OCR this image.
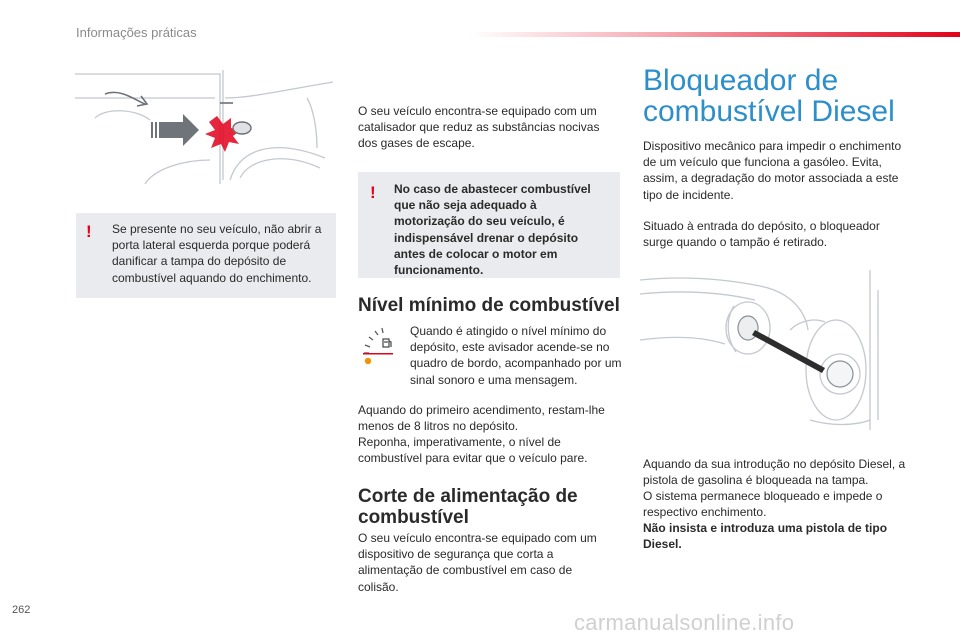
Informações práticas
! Se presente no seu veículo, não abrir a porta lateral esquerda porque poderá danificar a tampa do depósito de combustível aquando do enchimento.
O seu veículo encontra-se equipado com um catalisador que reduz as substâncias nocivas dos gases de escape.
! No caso de abastecer combustível que não seja adequado à motorização do seu veículo, é indispensável drenar o depósito antes de colocar o motor em funcionamento.
Nível mínimo de combustível
Quando é atingido o nível mínimo do depósito, este avisador acende-se no quadro de bordo, acompanhado por um sinal sonoro e uma mensagem.
Aquando do primeiro acendimento, restam-lhe menos de 8 litros no depósito.
Reponha, imperativamente, o nível de combustível para evitar que o veículo pare.
Corte de alimentação de
combustível
O seu veículo encontra-se equipado com um dispositivo de segurança que corta a alimentação de combustível em caso de colisão.
Bloqueador de
combustível Diesel
Dispositivo mecânico para impedir o enchimento de um veículo que funciona a gasóleo. Evita, assim, a degradação do motor associada a este tipo de incidente.
Situado à entrada do depósito, o bloqueador surge quando o tampão é retirado.
Aquando da sua introdução no depósito Diesel, a pistola de gasolina é bloqueada na tampa.
O sistema permanece bloqueado e impede o respectivo enchimento.
Não insista e introduza uma pistola de tipo Diesel.
262	carmanualsonline.info
